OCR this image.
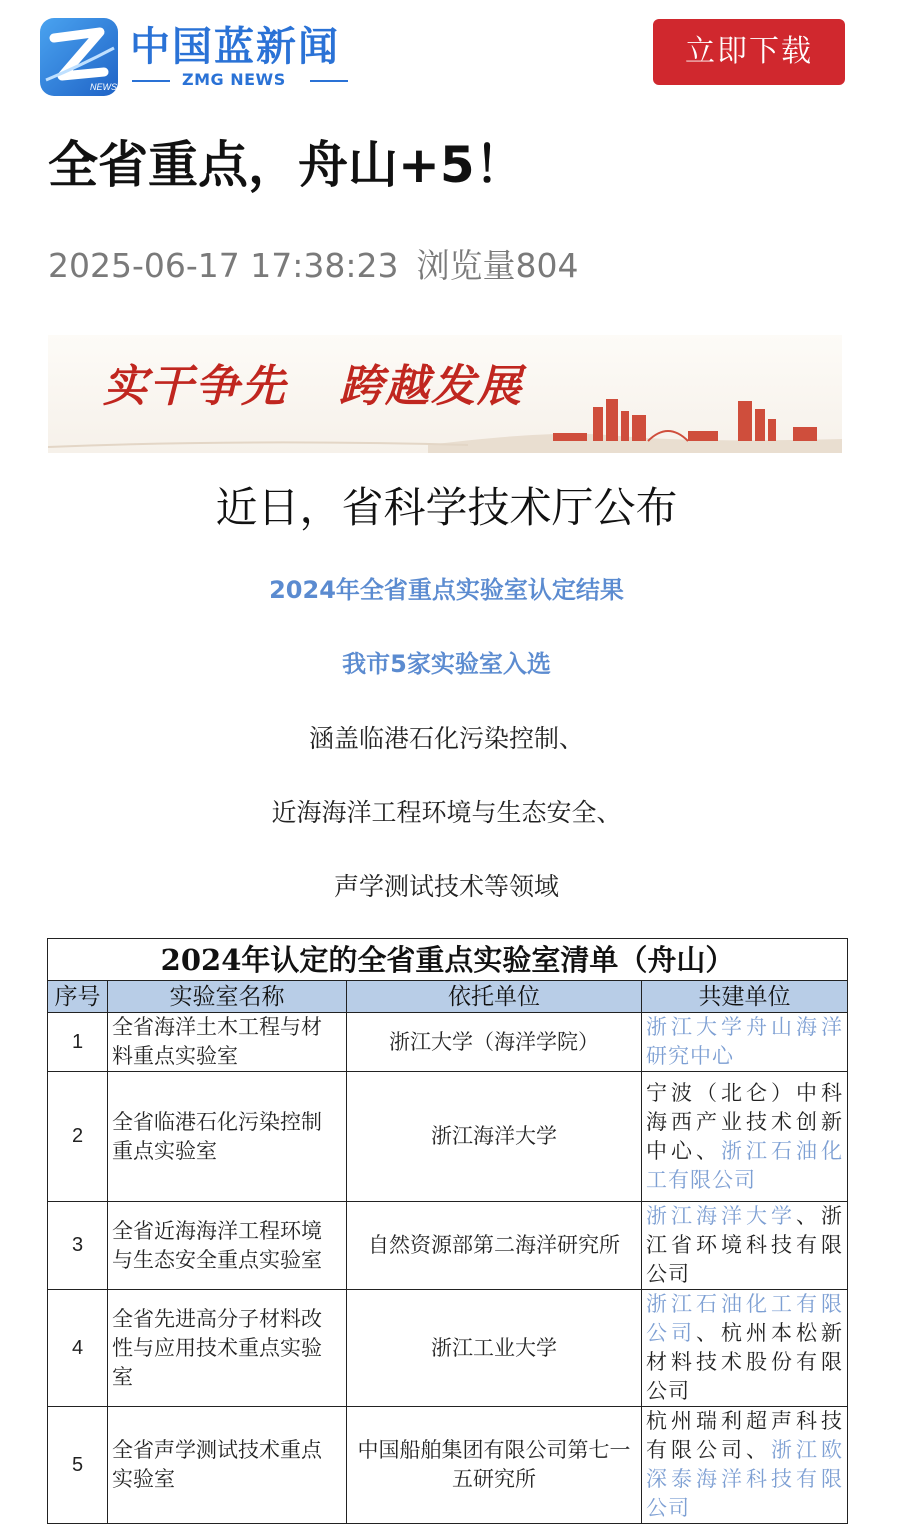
NEWS
中国蓝新闻
ZMG NEWS
立即下载
全省重点，舟山+5！
2025-06-17 17:38:23 浏览量804
实干争先   跨越发展

近日，省科学技术厅公布

2024年全省重点实验室认定结果

我市5家实验室入选

涵盖临港石化污染控制、

近海海洋工程环境与生态安全、

声学测试技术等领域

2024年认定的全省重点实验室清单（舟山）			
序号	实验室名称	依托单位	共建单位
1	全省海洋土木工程与材料重点实验室	浙江大学（海洋学院）	浙江大学舟山海洋研究中心
2	全省临港石化污染控制重点实验室	浙江海洋大学	宁波（北仑）中科海西产业技术创新中心、浙江石油化工有限公司
3	全省近海海洋工程环境与生态安全重点实验室	自然资源部第二海洋研究所	浙江海洋大学、浙江省环境科技有限公司
4	全省先进高分子材料改性与应用技术重点实验室	浙江工业大学	浙江石油化工有限公司、杭州本松新材料技术股份有限公司
5	全省声学测试技术重点实验室	中国船舶集团有限公司第七一五研究所	杭州瑞利超声科技有限公司、浙江欧深泰海洋科技有限公司
